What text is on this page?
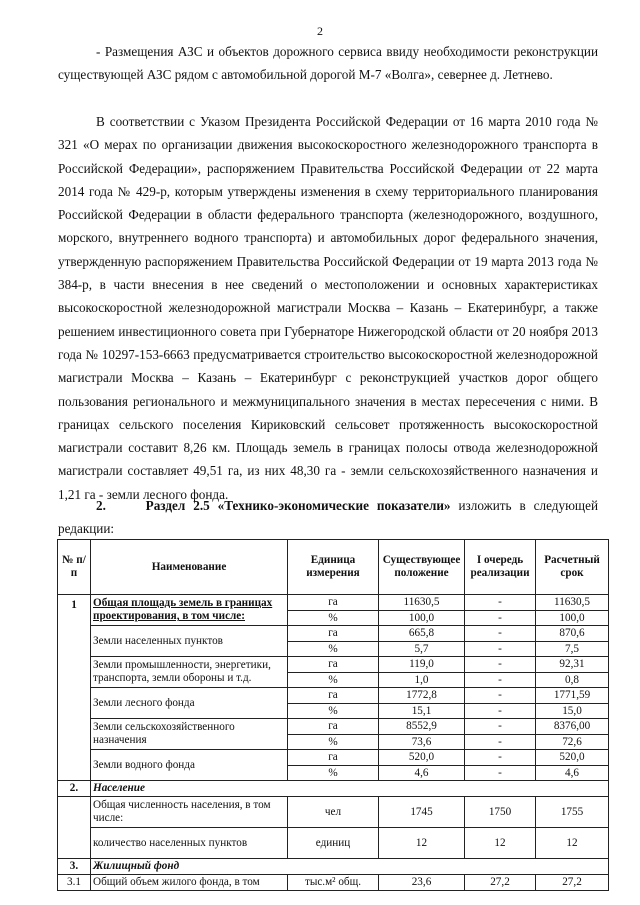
2
- Размещения АЗС и объектов дорожного сервиса ввиду необходимости реконструкции существующей АЗС рядом с автомобильной дорогой М-7 «Волга», севернее д. Летнево.
В соответствии с Указом Президента Российской Федерации от 16 марта 2010 года № 321 «О мерах по организации движения высокоскоростного железнодорожного транспорта в Российской Федерации», распоряжением Правительства Российской Федерации от 22 марта 2014 года № 429-р, которым утверждены изменения в схему территориального планирования Российской Федерации в области федерального транспорта (железнодорожного, воздушного, морского, внутреннего водного транспорта) и автомобильных дорог федерального значения, утвержденную распоряжением Правительства Российской Федерации от 19 марта 2013 года № 384-р, в части внесения в нее сведений о местоположении и основных характеристиках высокоскоростной железнодорожной магистрали Москва – Казань – Екатеринбург, а также решением инвестиционного совета при Губернаторе Нижегородской области от 20 ноября 2013 года № 10297-153-6663 предусматривается строительство высокоскоростной железнодорожной магистрали Москва – Казань – Екатеринбург с реконструкцией участков дорог общего пользования регионального и межмуниципального значения в местах пересечения с ними. В границах сельского поселения Кириковский сельсовет протяженность высокоскоростной магистрали составит 8,26 км. Площадь земель в границах полосы отвода железнодорожной магистрали составляет 49,51 га, из них 48,30 га - земли сельскохозяйственного назначения и 1,21 га - земли лесного фонда.
2.	Раздел 2.5 «Технико-экономические показатели» изложить в следующей редакции:
№ п/п	Наименование	Единица измерения	Существующее положение	I очередь реализации	Расчетный срок
1	Общая площадь земель в границах проектирования, в том числе:	га	11630,5	-	11630,5
		%	100,0	-	100,0
	Земли населенных пунктов	га	665,8	-	870,6
		%	5,7	-	7,5
	Земли промышленности, энергетики, транспорта, земли обороны и т.д.	га	119,0	-	92,31
		%	1,0	-	0,8
	Земли лесного фонда	га	1772,8	-	1771,59
		%	15,1	-	15,0
	Земли сельскохозяйственного назначения	га	8552,9	-	8376,00
		%	73,6	-	72,6
	Земли водного фонда	га	520,0	-	520,0
		%	4,6	-	4,6
2.	Население				
	Общая численность населения, в том числе:	чел	1745	1750	1755
	количество населенных пунктов	единиц	12	12	12
3.	Жилищный фонд				
3.1	Общий объем жилого фонда, в том	тыс.м² общ.	23,6	27,2	27,2
